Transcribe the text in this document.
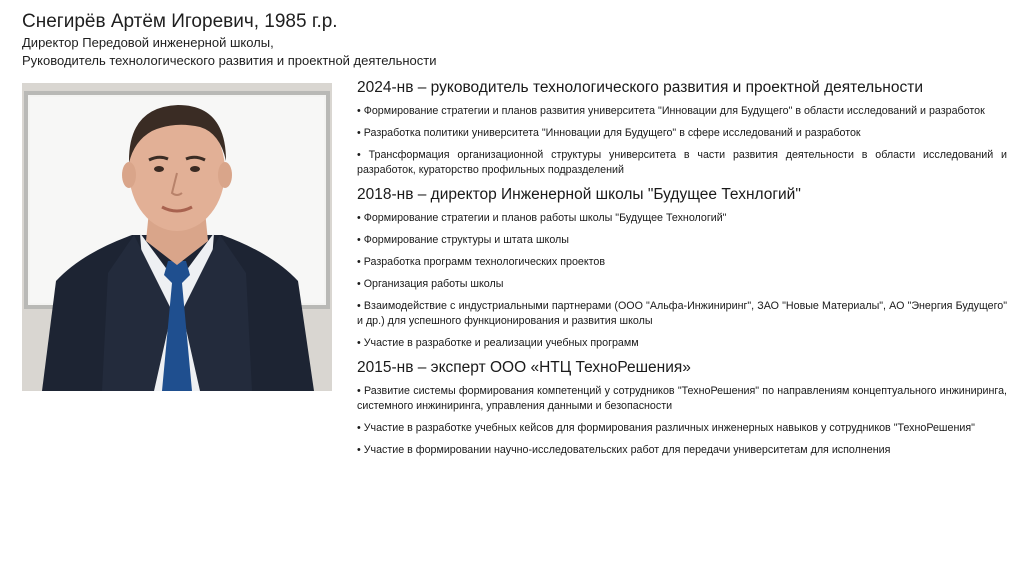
Снегирёв Артём Игоревич, 1985 г.р.

Директор Передовой инженерной школы,

Руководитель технологического развития и проектной деятельности

2024-нв – руководитель технологического развития и проектной деятельности
• Формирование стратегии и планов развития университета "Инновации для Будущего" в области исследований и разработок
• Разработка политики университета "Инновации для Будущего" в сфере исследований и разработок
• Трансформация организационной структуры университета в части развития деятельности в области исследований и разработок, кураторство профильных подразделений
2018-нв – директор Инженерной школы "Будущее Технлогий"
• Формирование стратегии и планов работы школы "Будущее Технологий"
• Формирование структуры и штата школы
• Разработка программ технологических проектов
• Организация работы школы
• Взаимодействие с индустриальными партнерами (ООО "Альфа-Инжиниринг", ЗАО "Новые Материалы", АО "Энергия Будущего" и др.) для успешного функционирования и развития школы
• Участие в разработке и реализации учебных программ
2015-нв – эксперт ООО «НТЦ ТехноРешения»
• Развитие системы формирования компетенций у сотрудников "ТехноРешения" по направлениям концептуального инжиниринга, системного инжиниринга, управления данными и безопасности
• Участие в разработке учебных кейсов для формирования различных инженерных навыков у сотрудников "ТехноРешения"
• Участие в формировании научно-исследовательских работ для передачи университетам для исполнения
